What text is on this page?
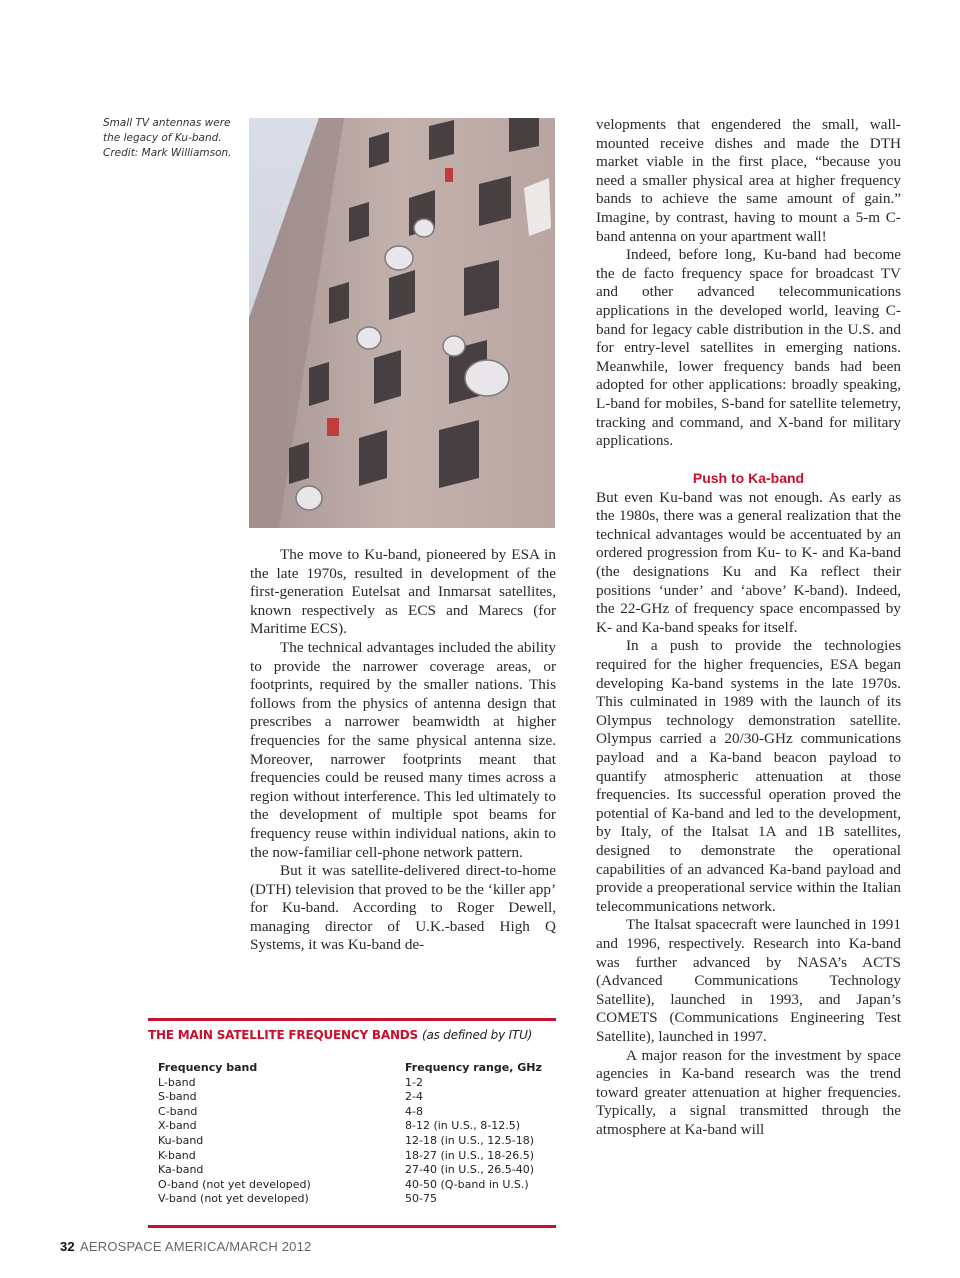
Small TV antennas were
the legacy of Ku-band.
Credit: Mark Williamson.

The move to Ku-band, pioneered by ESA in the late 1970s, resulted in development of the first-generation Eutelsat and Inmarsat satellites, known respectively as ECS and Marecs (for Maritime ECS).

The technical advantages included the ability to provide the narrower coverage areas, or footprints, required by the smaller nations. This follows from the physics of antenna design that prescribes a narrower beamwidth at higher frequencies for the same physical antenna size. Moreover, narrower footprints meant that frequencies could be reused many times across a region without interference. This led ultimately to the development of multiple spot beams for frequency reuse within individual nations, akin to the now-familiar cell-phone network pattern.

But it was satellite-delivered direct-to-home (DTH) television that proved to be the ‘killer app’ for Ku-band. According to Roger Dewell, managing director of U.K.-based High Q Systems, it was Ku-band de-

velopments that engendered the small, wall-mounted receive dishes and made the DTH market viable in the first place, “because you need a smaller physical area at higher frequency bands to achieve the same amount of gain.” Imagine, by contrast, having to mount a 5-m C-band antenna on your apartment wall!

Indeed, before long, Ku-band had become the de facto frequency space for broadcast TV and other advanced telecommunications applications in the developed world, leaving C-band for legacy cable distribution in the U.S. and for entry-level satellites in emerging nations. Meanwhile, lower frequency bands had been adopted for other applications: broadly speaking, L-band for mobiles, S-band for satellite telemetry, tracking and command, and X-band for military applications.

Push to Ka-band

But even Ku-band was not enough. As early as the 1980s, there was a general realization that the technical advantages would be accentuated by an ordered progression from Ku- to K- and Ka-band (the designations Ku and Ka reflect their positions ‘under’ and ‘above’ K-band). Indeed, the 22-GHz of frequency space encompassed by K- and Ka-band speaks for itself.

In a push to provide the technologies required for the higher frequencies, ESA began developing Ka-band systems in the late 1970s. This culminated in 1989 with the launch of its Olympus technology demonstration satellite. Olympus carried a 20/30-GHz communications payload and a Ka-band beacon payload to quantify atmospheric attenuation at those frequencies. Its successful operation proved the potential of Ka-band and led to the development, by Italy, of the Italsat 1A and 1B satellites, designed to demonstrate the operational capabilities of an advanced Ka-band payload and provide a preoperational service within the Italian telecommunications network.

The Italsat spacecraft were launched in 1991 and 1996, respectively. Research into Ka-band was further advanced by NASA’s ACTS (Advanced Communications Technology Satellite), launched in 1993, and Japan’s COMETS (Communications Engineering Test Satellite), launched in 1997.

A major reason for the investment by space agencies in Ka-band research was the trend toward greater attenuation at higher frequencies. Typically, a signal transmitted through the atmosphere at Ka-band will

THE MAIN SATELLITE FREQUENCY BANDS (as defined by ITU)
Frequency band	Frequency range, GHz
L-band	1-2
S-band	2-4
C-band	4-8
X-band	8-12 (in U.S., 8-12.5)
Ku-band	12-18 (in U.S., 12.5-18)
K-band	18-27 (in U.S., 18-26.5)
Ka-band	27-40 (in U.S., 26.5-40)
O-band (not yet developed)	40-50 (Q-band in U.S.)
V-band (not yet developed)	50-75
32 AEROSPACE AMERICA/MARCH 2012
